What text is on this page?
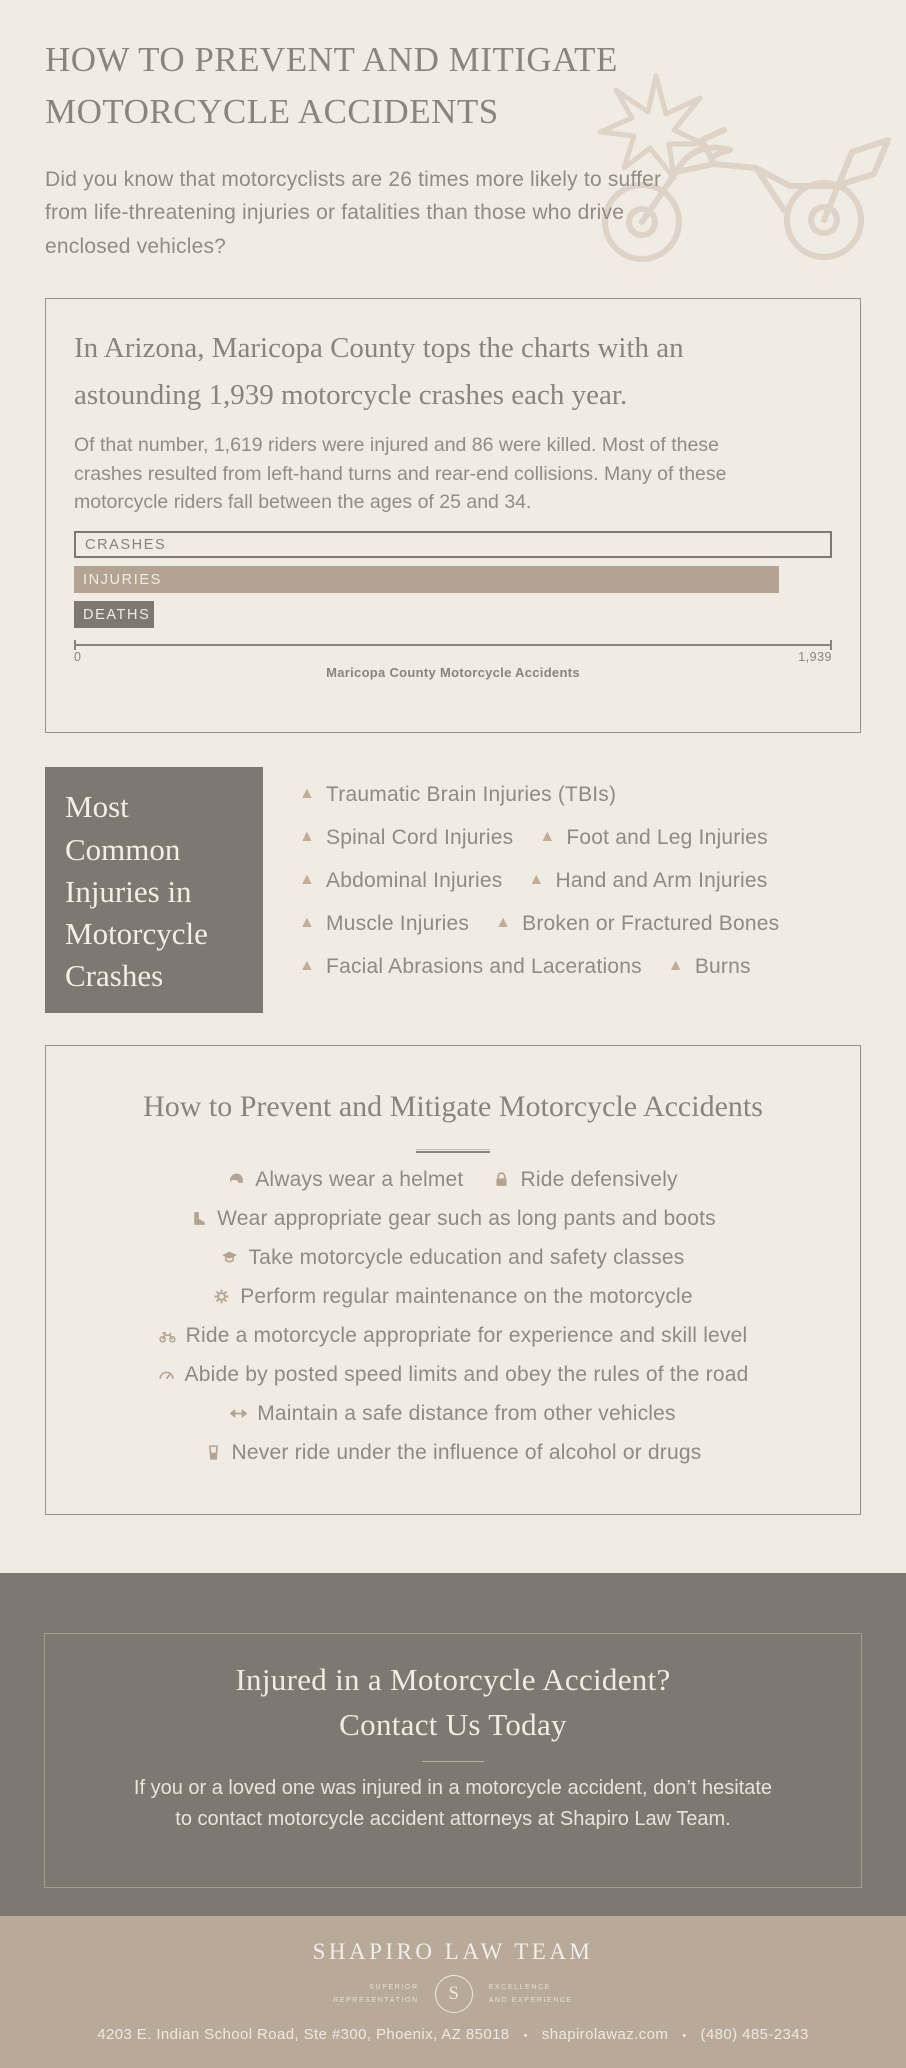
HOW TO PREVENT AND MITIGATE MOTORCYCLE ACCIDENTS

Did you know that motorcyclists are 26 times more likely to suffer from life-threatening injuries or fatalities than those who drive enclosed vehicles?

In Arizona, Maricopa County tops the charts with an astounding 1,939 motorcycle crashes each year.

Of that number, 1,619 riders were injured and 86 were killed. Most of these crashes resulted from left-hand turns and rear-end collisions. Many of these motorcycle riders fall between the ages of 25 and 34.

CRASHES
INJURIES
DEATHS
0	1,939
Maricopa County Motorcycle Accidents
Most Common Injuries in Motorcycle Crashes
▲ Traumatic Brain Injuries (TBIs)
▲ Spinal Cord Injuries ▲ Foot and Leg Injuries
▲ Abdominal Injuries ▲ Hand and Arm Injuries
▲ Muscle Injuries ▲ Broken or Fractured Bones
▲ Facial Abrasions and Lacerations ▲ Burns
How to Prevent and Mitigate Motorcycle Accidents
Always wear a helmet	Ride defensively
Wear appropriate gear such as long pants and boots
Take motorcycle education and safety classes
Perform regular maintenance on the motorcycle
Ride a motorcycle appropriate for experience and skill level
Abide by posted speed limits and obey the rules of the road
Maintain a safe distance from other vehicles
Never ride under the influence of alcohol or drugs
Injured in a Motorcycle Accident?
Contact Us Today

If you or a loved one was injured in a motorcycle accident, don’t hesitate to contact motorcycle accident attorneys at Shapiro Law Team.

SHAPIRO LAW TEAM
SUPERIOR
REPRESENTATION	S	EXCELLENCE
AND EXPERIENCE
4203 E. Indian School Road, Ste #300, Phoenix, AZ 85018 • shapirolawaz.com • (480) 485-2343
